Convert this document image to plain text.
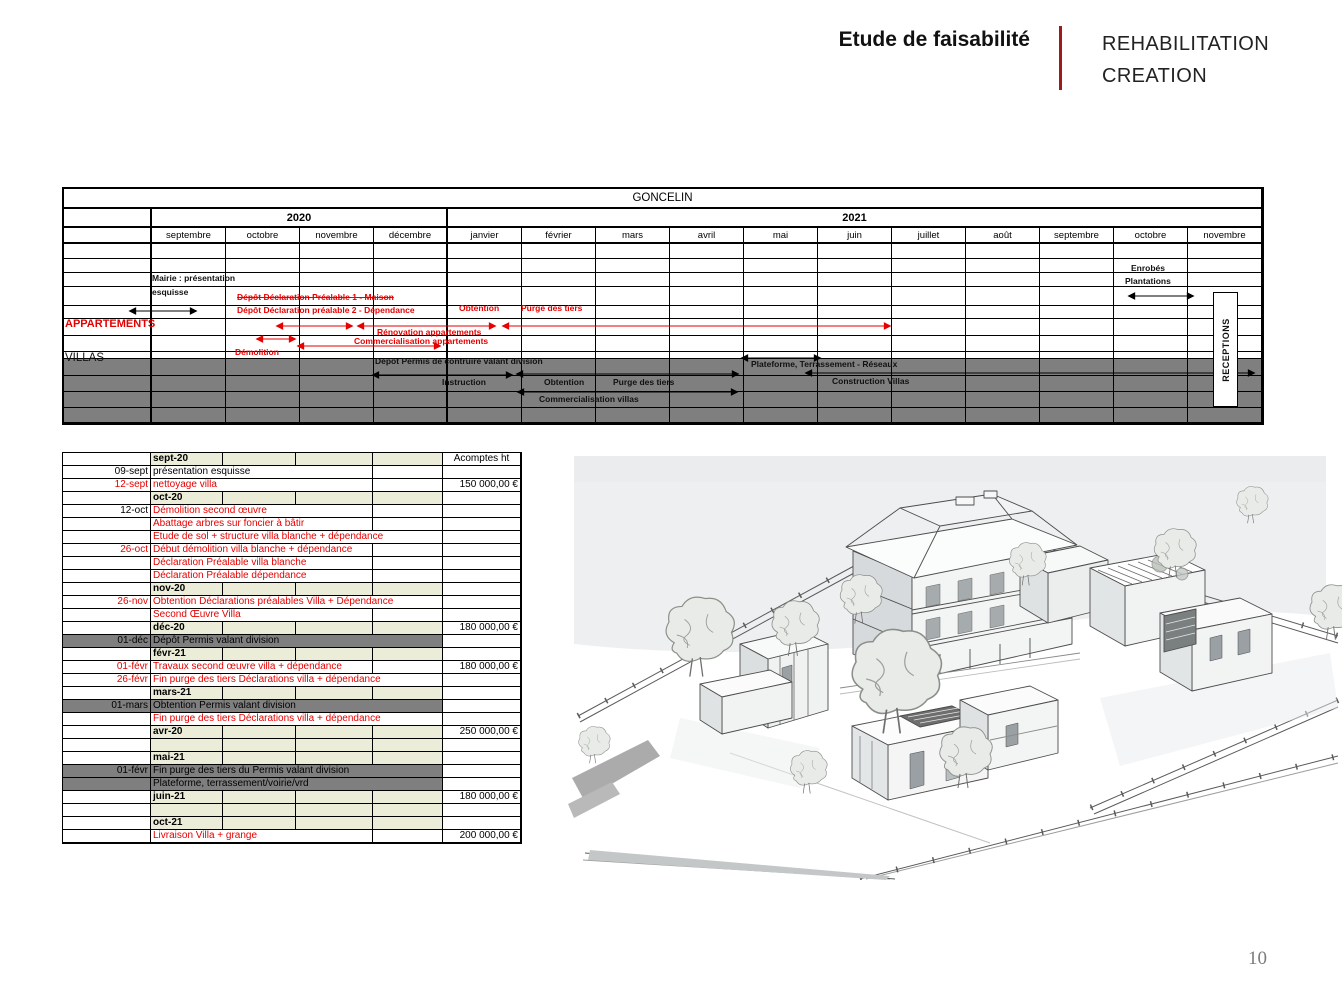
Etude de faisabilité	REHABILITATION
CREATION
GONCELIN
2020	2021
septembre	octobre	novembre	décembre	janvier	février	mars	avril	mai	juin	juillet	août	septembre	octobre	novembre
APPARTEMENTS
VILLAS
Mairie : présentation
esquisse	Dépôt Déclaration Préalable 1 - Maison
Dépôt Déclaration préalable 2 - Dépendance	Obtention	Purge des tiers
Rénovation appartements
Commercialisation appartements
Démolition
Dépôt Permis de contruire valant division
Instruction	Obtention	Purge des tiers
Plateforme, Terrassement - Réseaux
Construction Villas
Commercialisation villas
Enrobés
Plantations
RECEPTIONS
sept-20	Acomptes ht
09-sept présentation esquisse
12-sept nettoyage villa	150 000,00 €
oct-20
12-oct Démolition second œuvre
Abattage arbres sur foncier à bâtir
Etude de sol + structure villa blanche + dépendance
26-oct Début démolition villa blanche + dépendance
Déclaration Préalable villa blanche
Déclaration Préalable dépendance
nov-20
26-nov Obtention Déclarations préalables Villa + Dépendance
Second Œuvre Villa
déc-20	180 000,00 €
01-déc Dépôt Permis valant division
févr-21
01-févr Travaux second œuvre villa + dépendance	180 000,00 €
26-févr Fin purge des tiers Déclarations villa + dépendance
mars-21
01-mars Obtention Permis valant division
Fin purge des tiers Déclarations villa + dépendance
avr-20	250 000,00 €
mai-21
01-févr Fin purge des tiers du Permis valant division
Plateforme, terrassement/voirie/vrd
juin-21	180 000,00 €
oct-21
Livraison Villa + grange	200 000,00 €
10
